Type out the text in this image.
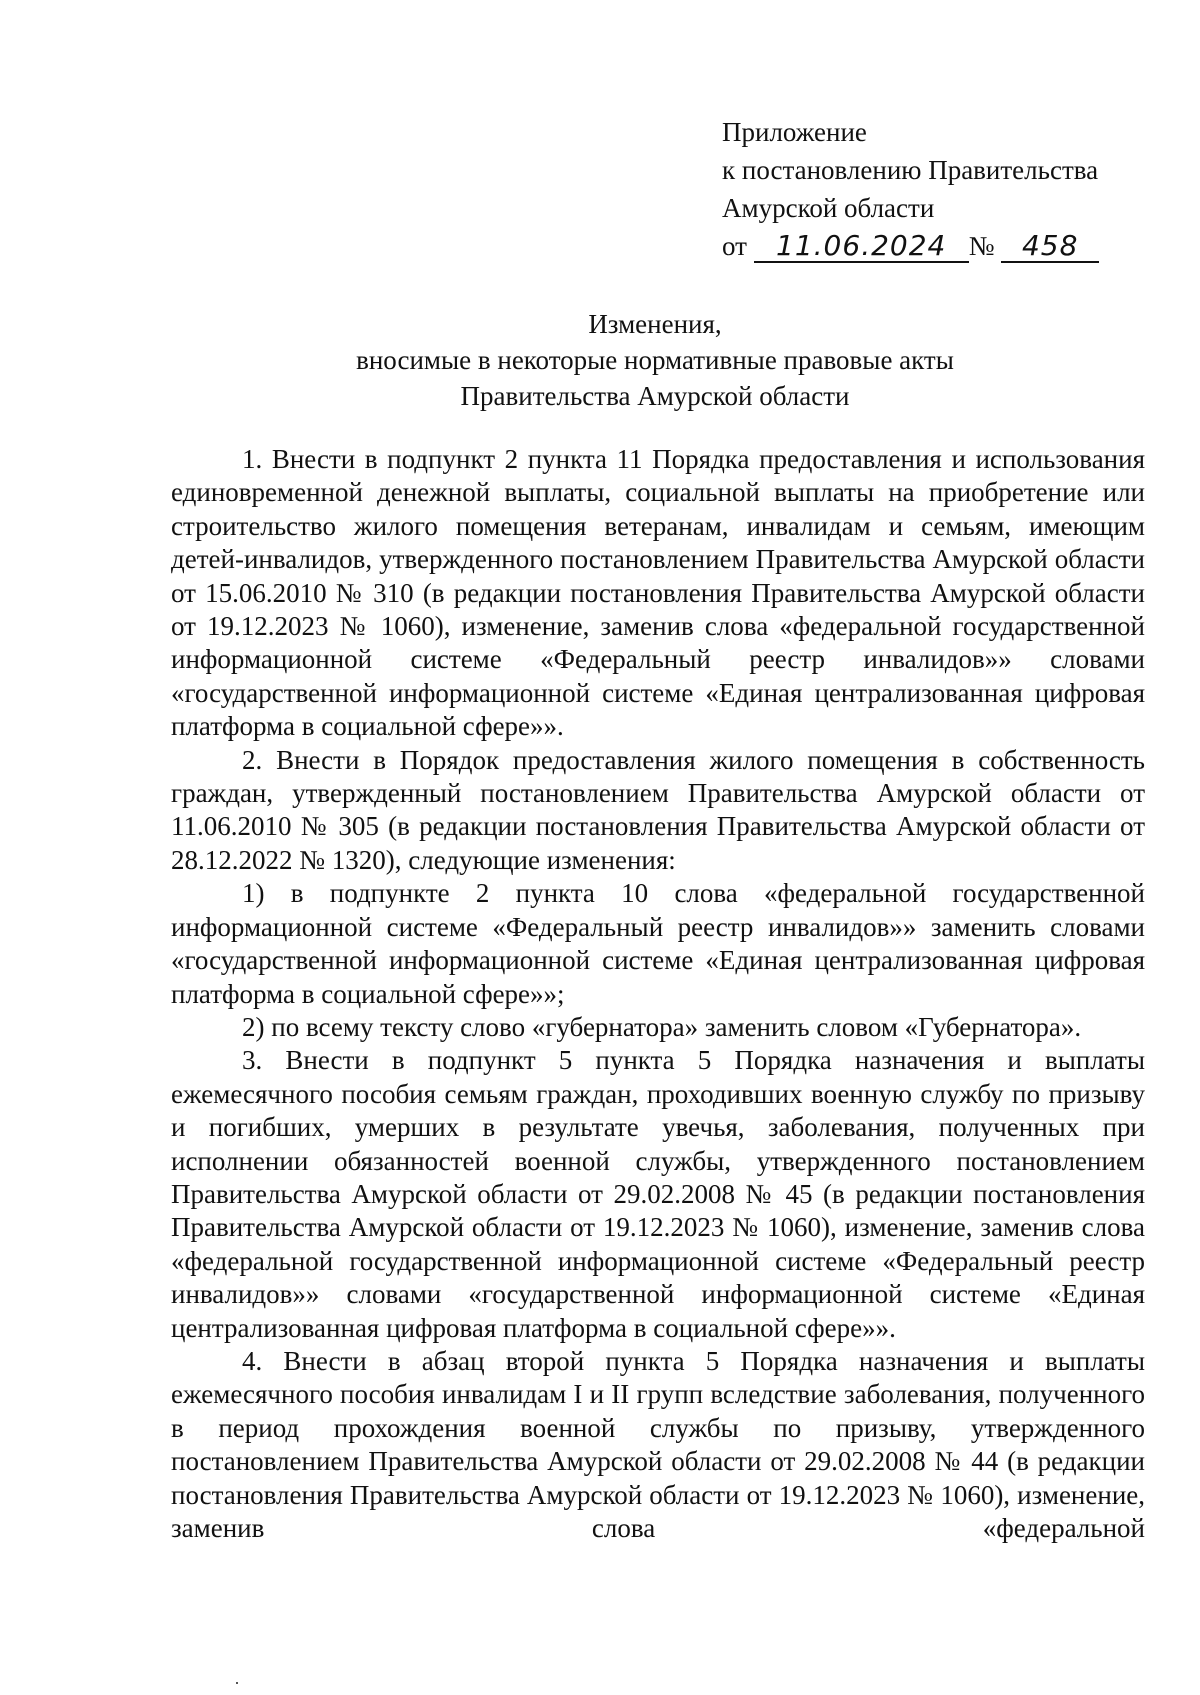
Приложение
к постановлению Правительства
Амурской области
от 11.06.2024 № 458
Изменения,
вносимые в некоторые нормативные правовые акты
Правительства Амурской области

1. Внести в подпункт 2 пункта 11 Порядка предоставления и использования единовременной денежной выплаты, социальной выплаты на приобретение или строительство жилого помещения ветеранам, инвалидам и семьям, имеющим детей-инвалидов, утвержденного постановлением Правительства Амурской области от 15.06.2010 № 310 (в редакции постановления Правительства Амурской области от 19.12.2023 № 1060), изменение, заменив слова «федеральной государственной информационной системе «Федеральный реестр инвалидов»» словами «государственной информационной системе «Единая централизованная цифровая платформа в социальной сфере»».

2. Внести в Порядок предоставления жилого помещения в собственность граждан, утвержденный постановлением Правительства Амурской области от 11.06.2010 № 305 (в редакции постановления Правительства Амурской области от 28.12.2022 № 1320), следующие изменения:

1) в подпункте 2 пункта 10 слова «федеральной государственной информационной системе «Федеральный реестр инвалидов»» заменить словами «государственной информационной системе «Единая централизованная цифровая платформа в социальной сфере»»;

2) по всему тексту слово «губернатора» заменить словом «Губернатора».

3. Внести в подпункт 5 пункта 5 Порядка назначения и выплаты ежемесячного пособия семьям граждан, проходивших военную службу по призыву и погибших, умерших в результате увечья, заболевания, полученных при исполнении обязанностей военной службы, утвержденного постановлением Правительства Амурской области от 29.02.2008 № 45 (в редакции постановления Правительства Амурской области от 19.12.2023 № 1060), изменение, заменив слова «федеральной государственной информационной системе «Федеральный реестр инвалидов»» словами «государственной информационной системе «Единая централизованная цифровая платформа в социальной сфере»».

4. Внести в абзац второй пункта 5 Порядка назначения и выплаты ежемесячного пособия инвалидам I и II групп вследствие заболевания, полученного в период прохождения военной службы по призыву, утвержденного постановлением Правительства Амурской области от 29.02.2008 № 44 (в редакции постановления Правительства Амурской области от 19.12.2023 № 1060), изменение, заменив слова «федеральной
